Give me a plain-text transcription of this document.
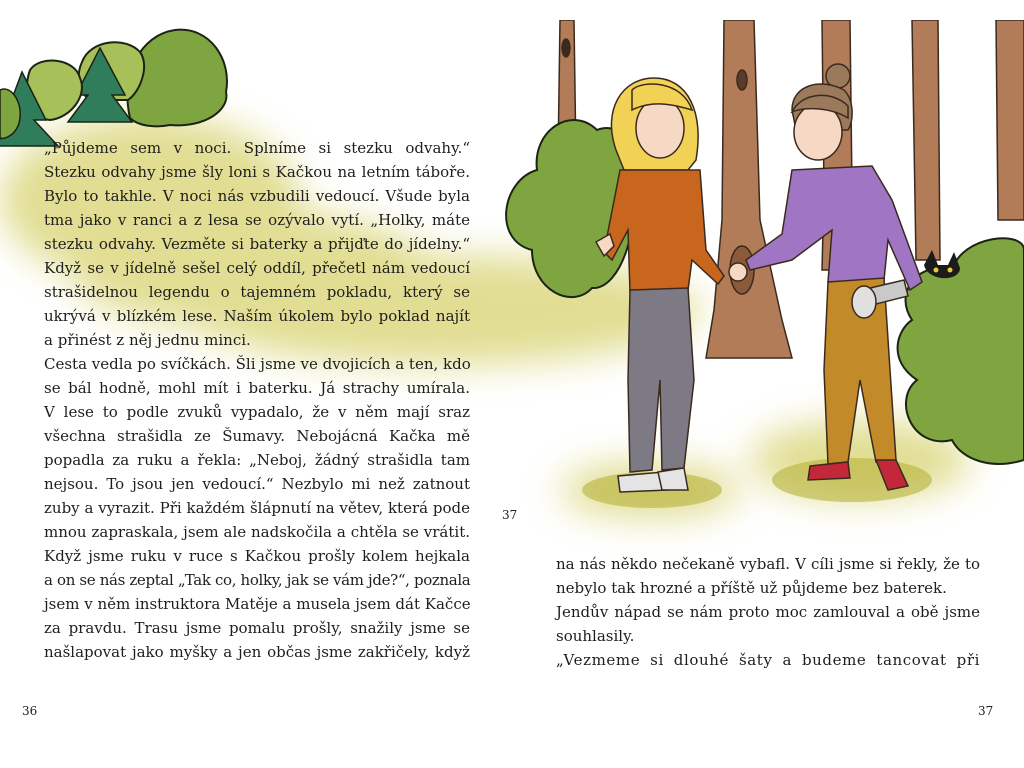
„Půjdeme sem v noci. Splníme si stezku odvahy.“
Stezku odvahy jsme šly loni s Kačkou na letním táboře.
Bylo to takhle. V noci nás vzbudili vedoucí. Všude byla
tma jako v ranci a z lesa se ozývalo vytí. „Holky, máte
stezku odvahy. Vezměte si baterky a přijďte do jídelny.“
Když se v jídelně sešel celý oddíl, přečetl nám vedoucí
strašidelnou legendu o tajemném pokladu, který se
ukrývá v blízkém lese. Naším úkolem bylo poklad najít
a přinést z něj jednu minci.
Cesta vedla po svíčkách. Šli jsme ve dvojicích a ten, kdo
se bál hodně, mohl mít i baterku. Já strachy umírala.
V lese to podle zvuků vypadalo, že v něm mají sraz
všechna strašidla ze Šumavy. Nebojácná Kačka mě
popadla za ruku a řekla: „Neboj, žádný strašidla tam
nejsou. To jsou jen vedoucí.“ Nezbylo mi než zatnout
zuby a vyrazit. Při každém šlápnutí na větev, která pode
mnou zapraskala, jsem ale nadskočila a chtěla se vrátit.
Když jsme ruku v ruce s Kačkou prošly kolem hejkala
a on se nás zeptal „Tak co, holky, jak se vám jde?“, poznala
jsem v něm instruktora Matěje a musela jsem dát Kačce
za pravdu. Trasu jsme pomalu prošly, snažily jsme se
našlapovat jako myšky a jen občas jsme zakřičely, když
na nás někdo nečekaně vybafl. V cíli jsme si řekly, že to
nebylo tak hrozné a příště už půjdeme bez baterek.
Jendův nápad se nám proto moc zamlouval a obě jsme
souhlasily.
„Vezmeme si dlouhé šaty a budeme tancovat při
36
37
37
